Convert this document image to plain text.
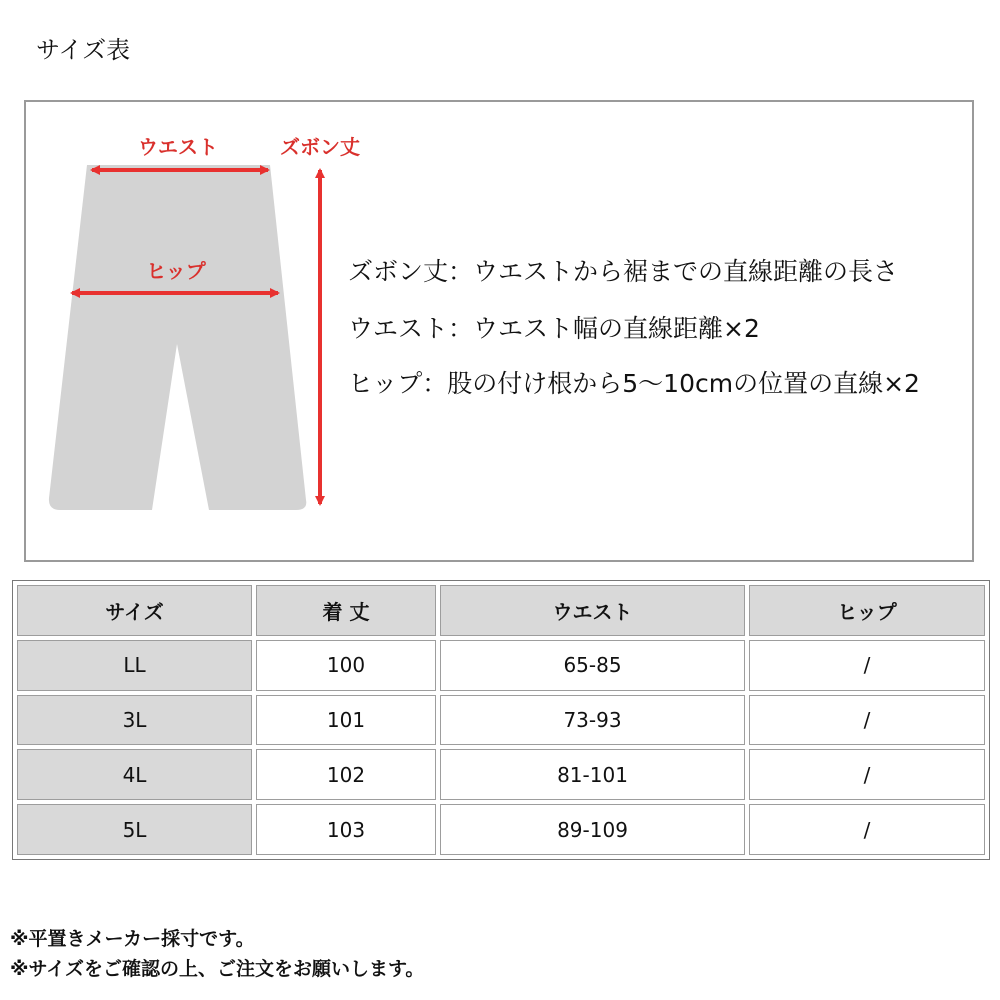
サイズ表
ウエスト
ヒップ
ズボン丈
ズボン丈：ウエストから裾までの直線距離の長さ
ウエスト：ウエスト幅の直線距離×2
ヒップ：股の付け根から5～10cmの位置の直線×2
サイズ	着 丈	ウエスト	ヒップ
LL	100	65-85	/
3L	101	73-93	/
4L	102	81-101	/
5L	103	89-109	/
※平置きメーカー採寸です。
※サイズをご確認の上、ご注文をお願いします。
